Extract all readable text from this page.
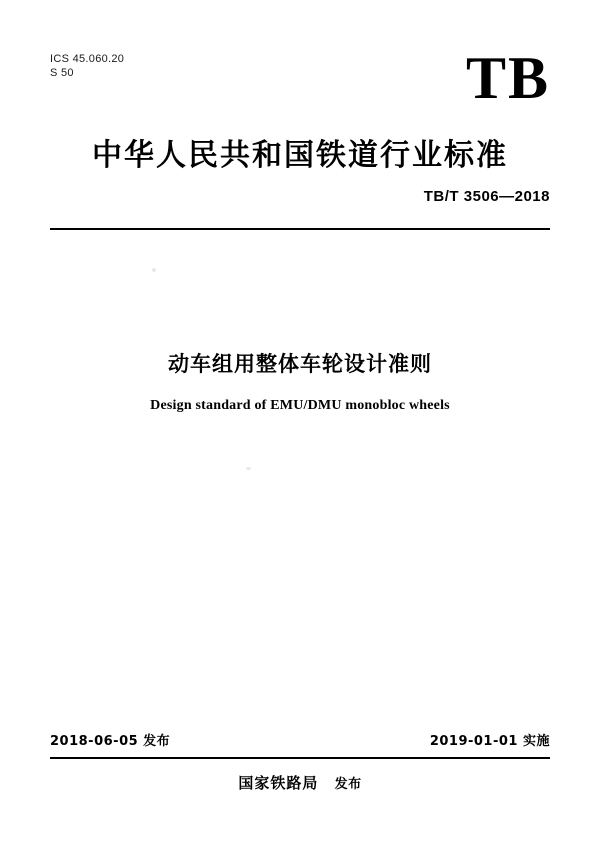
ICS 45.060.20
S 50	TB
中华人民共和国铁道行业标准
TB/T 3506—2018
动车组用整体车轮设计准则
Design standard of EMU/DMU monobloc wheels
2018-06-05 发布	2019-01-01 实施
国家铁路局 发布
